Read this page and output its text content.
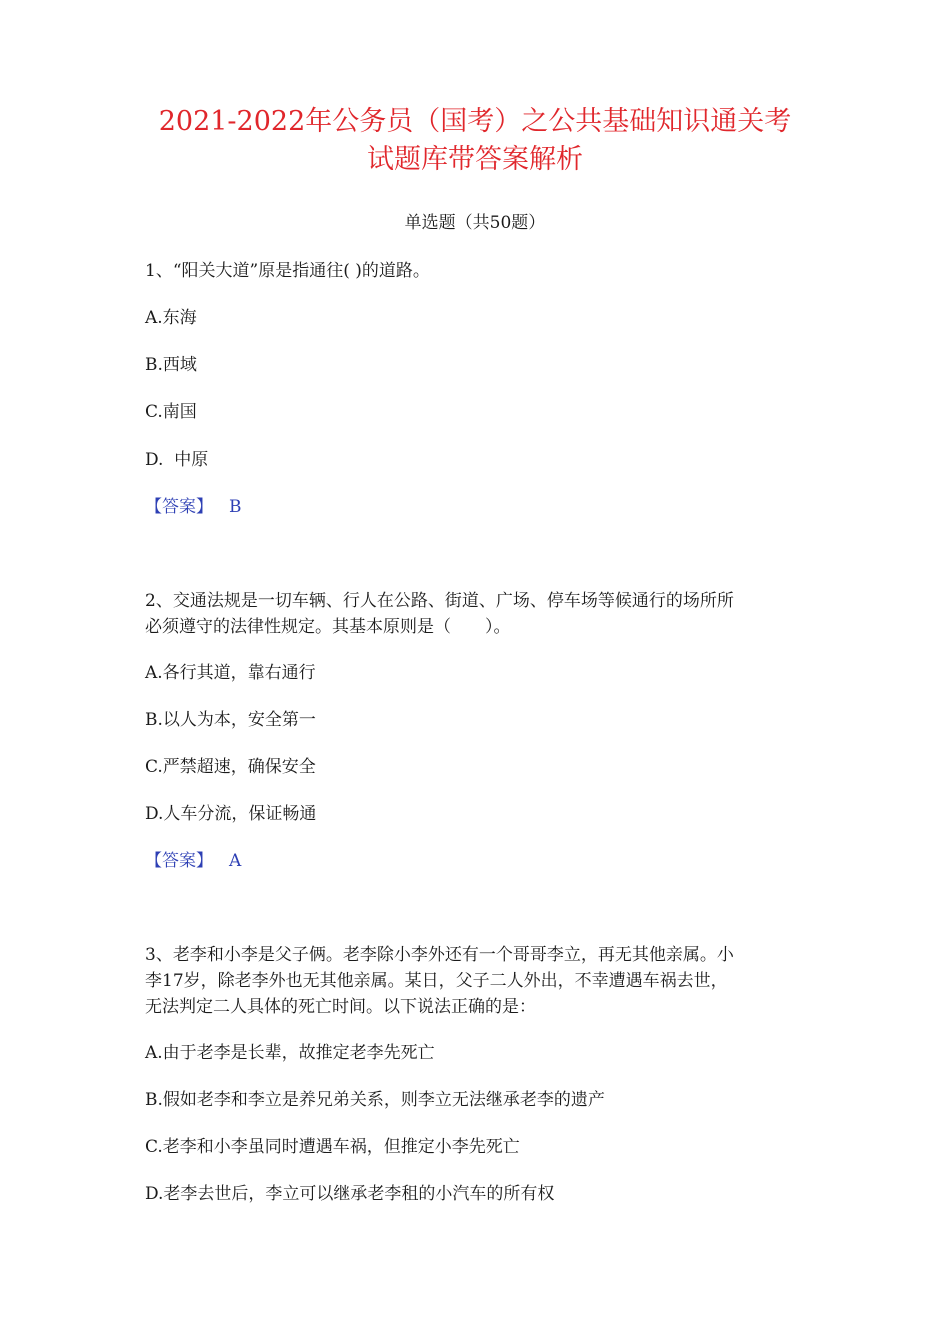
2021-2022年公务员（国考）之公共基础知识通关考
试题库带答案解析

单选题（共50题）

1、“阳关大道”原是指通往( )的道路。

A.东海

B.西域

C.南国

D.  中原

【答案】 B

2、交通法规是一切车辆、行人在公路、街道、广场、停车场等候通行的场所所

必须遵守的法律性规定。其基本原则是（　　）。

A.各行其道，靠右通行

B.以人为本，安全第一

C.严禁超速，确保安全

D.人车分流，保证畅通

【答案】 A

3、老李和小李是父子俩。老李除小李外还有一个哥哥李立，再无其他亲属。小

李17岁，除老李外也无其他亲属。某日，父子二人外出，不幸遭遇车祸去世，

无法判定二人具体的死亡时间。以下说法正确的是：

A.由于老李是长辈，故推定老李先死亡

B.假如老李和李立是养兄弟关系，则李立无法继承老李的遗产

C.老李和小李虽同时遭遇车祸，但推定小李先死亡

D.老李去世后，李立可以继承老李租的小汽车的所有权
